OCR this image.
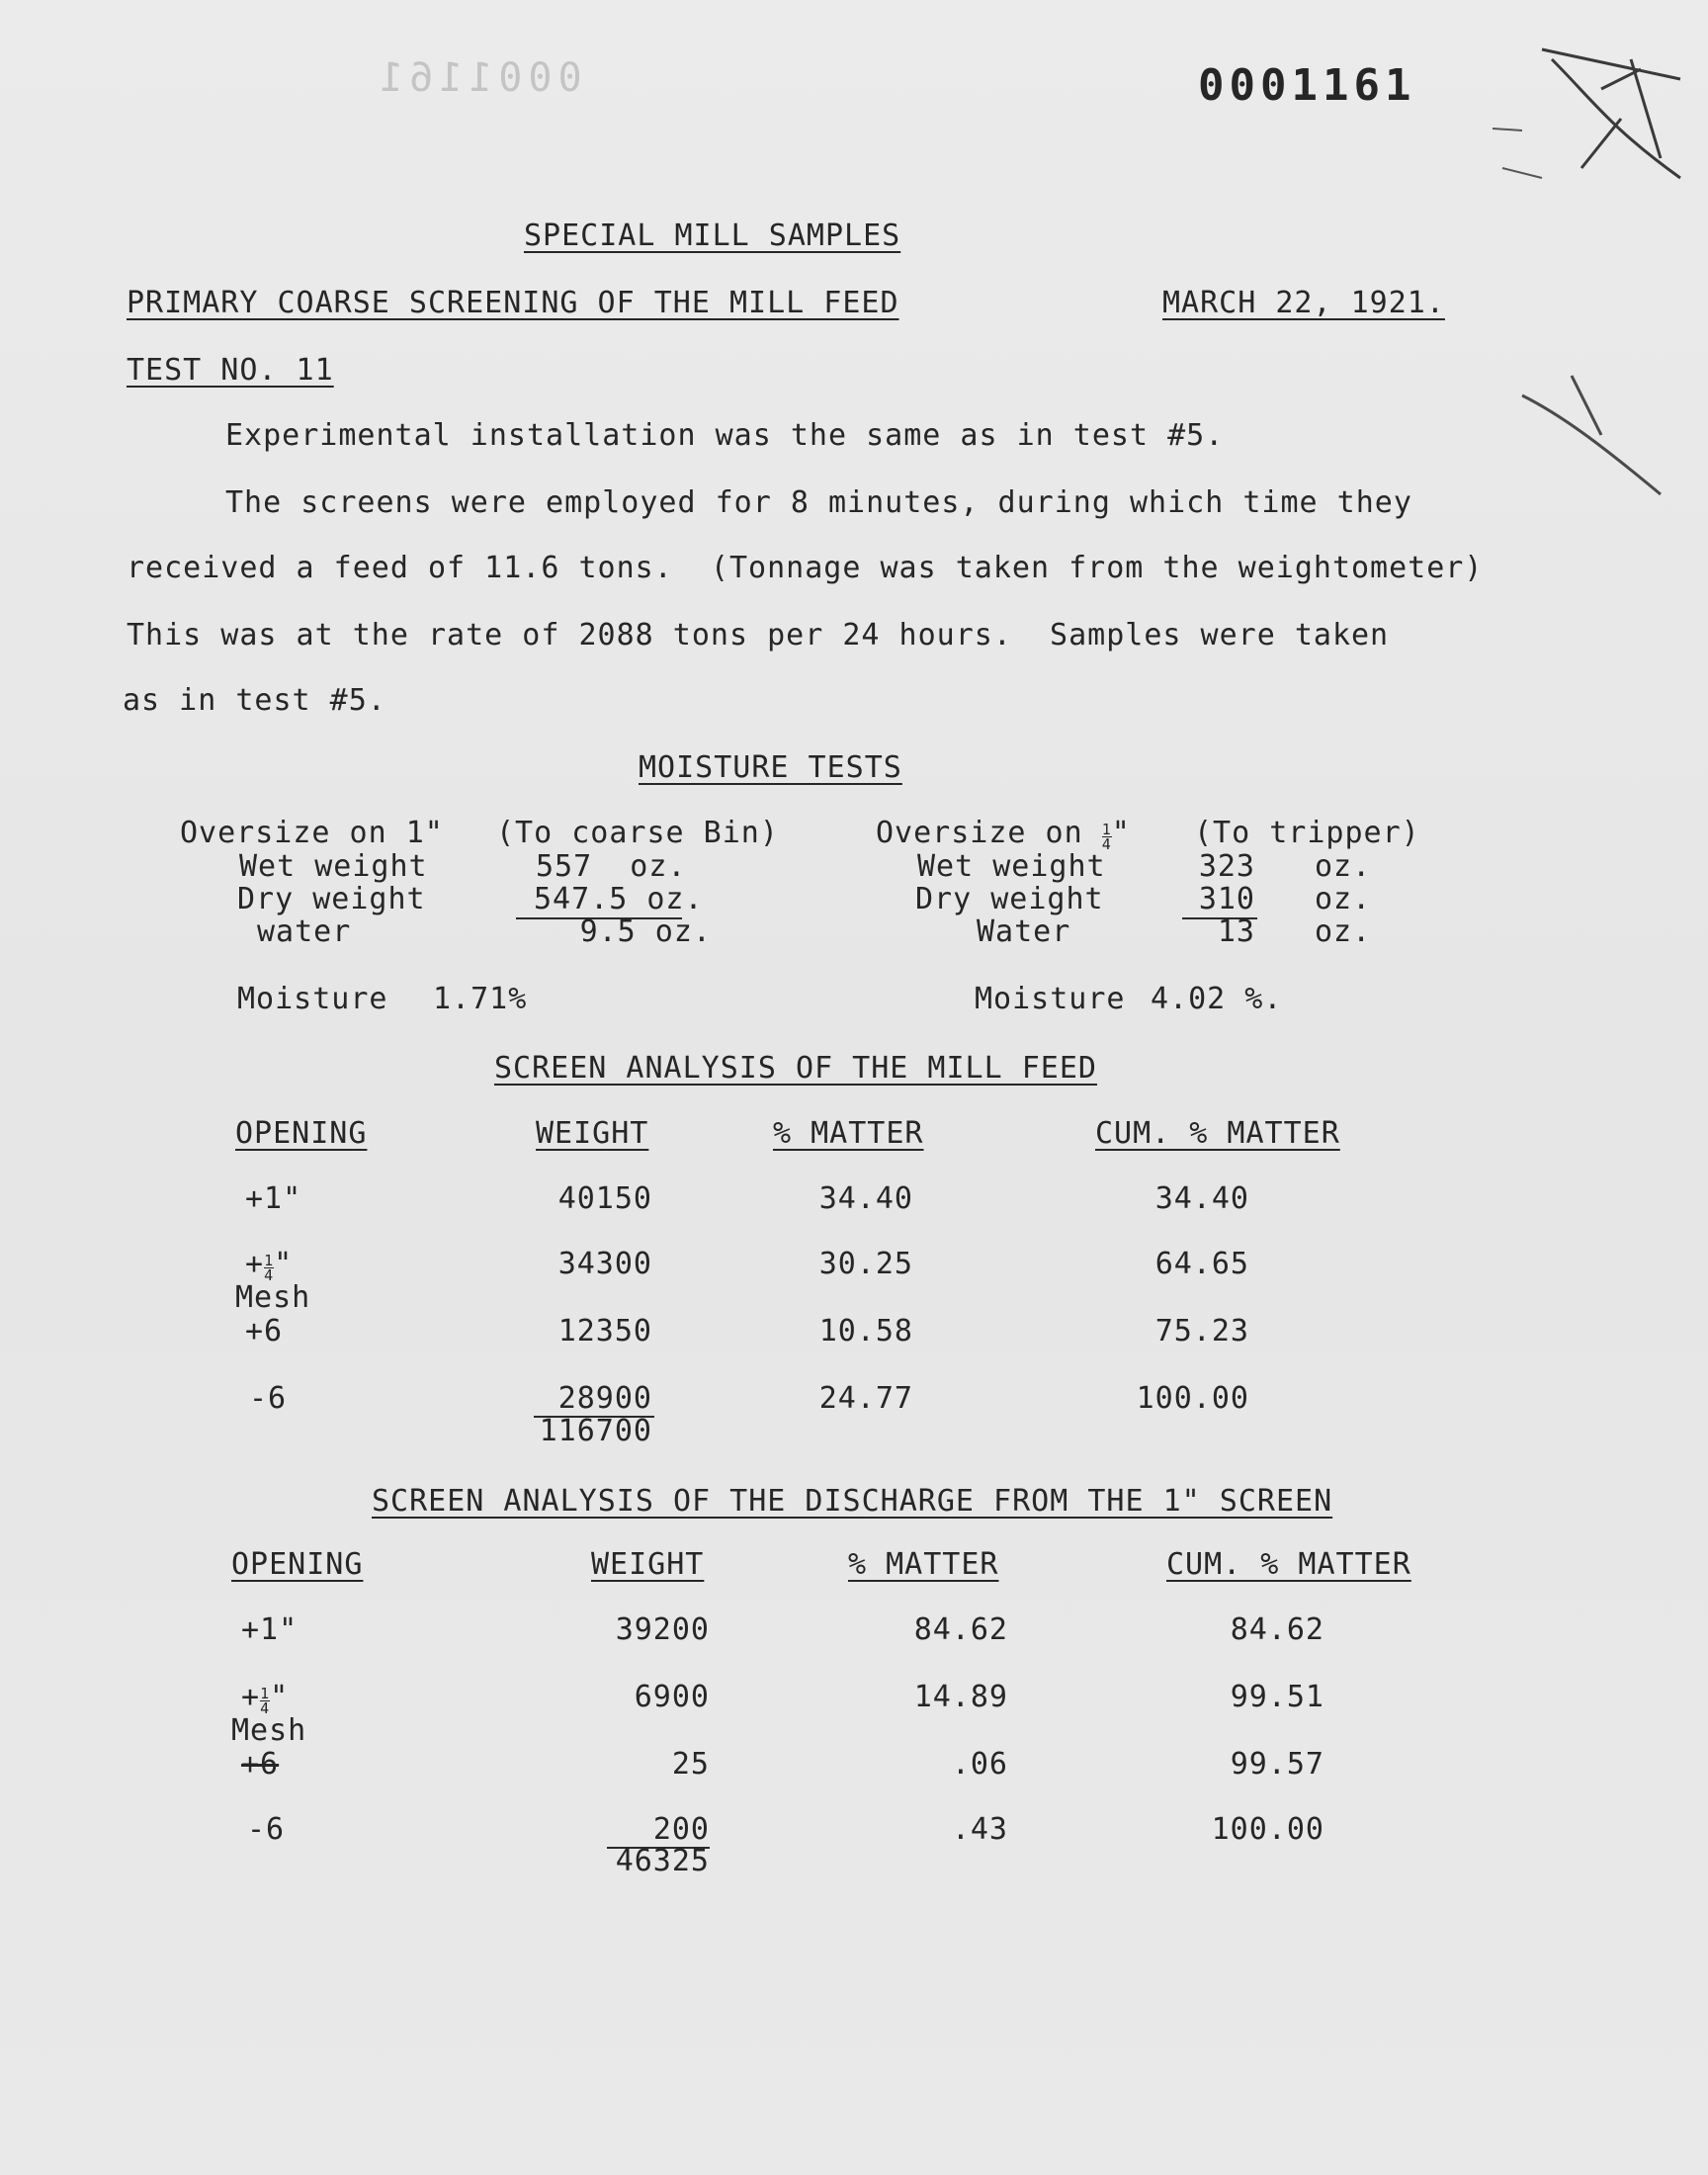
0001161	0001161
SPECIAL MILL SAMPLES
PRIMARY COARSE SCREENING OF THE MILL FEED	MARCH 22, 1921.
TEST NO. 11
Experimental installation was the same as in test #5.
The screens were employed for 8 minutes, during which time they
received a feed of 11.6 tons.  (Tonnage was taken from the weightometer)
This was at the rate of 2088 tons per 24 hours.  Samples were taken
as in test #5.
MOISTURE TESTS
Oversize on 1" (To coarse Bin)
Wet weight	557  oz.
Dry weight	547.5 oz.
water	9.5 oz.
Moisture 1.71%
Oversize on $\frac{1}{4}$ " (To tripper)
Wet weight	323 oz.
Dry weight	310 oz.
Water	13 oz.
Moisture 4.02 %.
SCREEN ANALYSIS OF THE MILL FEED
OPENING	WEIGHT	% MATTER	CUM. % MATTER
+1"	40150	34.40	34.40
+ $\frac{1}{4}$ "	34300	30.25	64.65
Mesh
+6	12350	10.58	75.23
-6	28900	24.77	100.00
116700
SCREEN ANALYSIS OF THE DISCHARGE FROM THE 1" SCREEN
OPENING	WEIGHT	% MATTER	CUM. % MATTER
+1"	39200	84.62	84.62
+ $\frac{1}{4}$ "	6900	14.89	99.51
Mesh
+6	25	.06	99.57
-6	200	.43	100.00
46325
